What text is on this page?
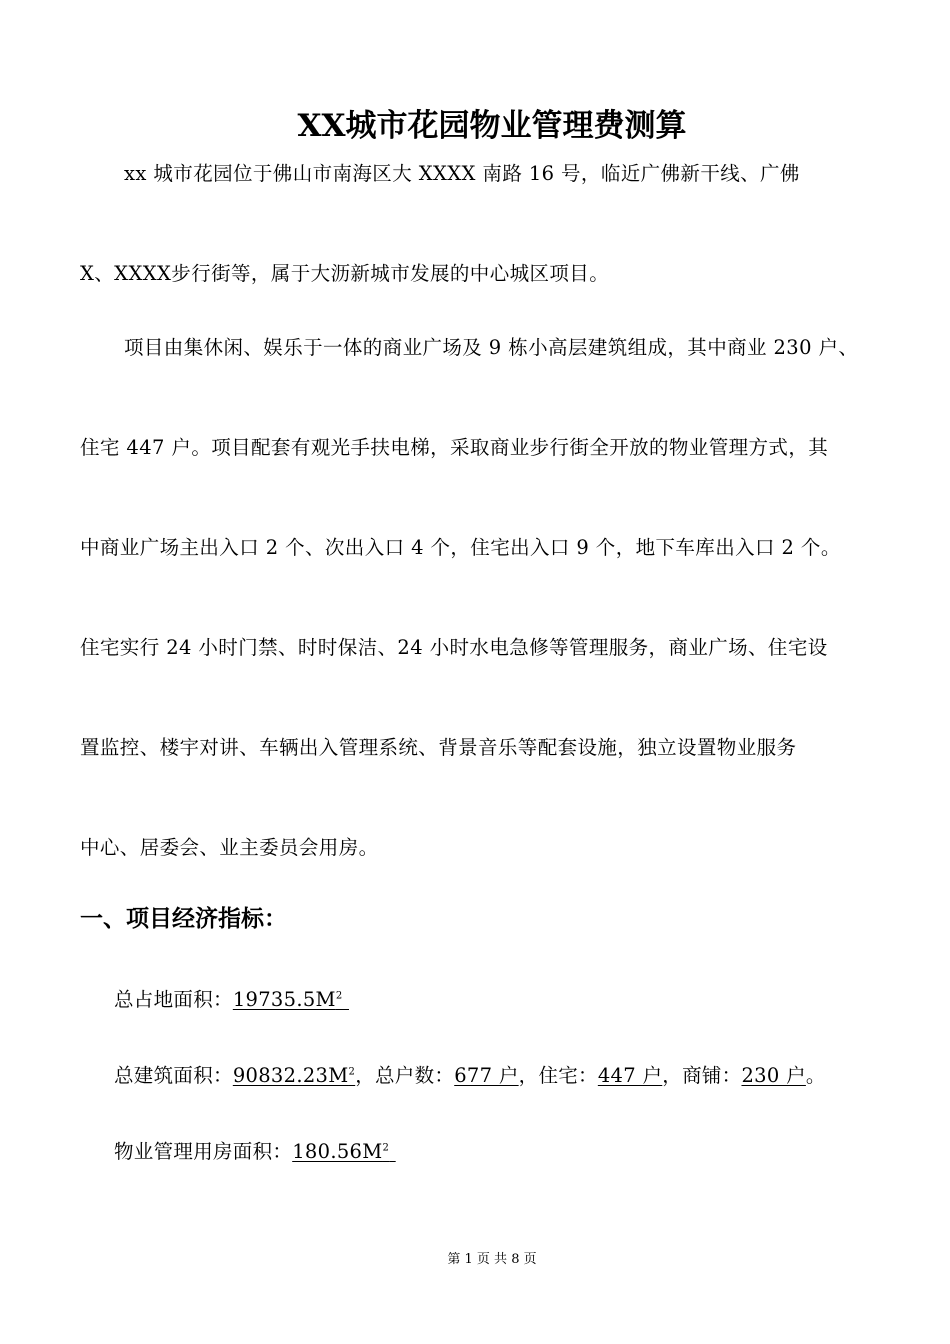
XX城市花园物业管理费测算
xx 城市花园位于佛山市南海区大 XXXX 南路 16 号，临近广佛新干线、广佛
X、XXXX步行街等，属于大沥新城市发展的中心城区项目。
项目由集休闲、娱乐于一体的商业广场及 9 栋小高层建筑组成，其中商业 230 户、
住宅 447 户。项目配套有观光手扶电梯，采取商业步行街全开放的物业管理方式，其
中商业广场主出入口 2 个、次出入口 4 个，住宅出入口 9 个，地下车库出入口 2 个。
住宅实行 24 小时门禁、时时保洁、24 小时水电急修等管理服务，商业广场、住宅设
置监控、楼宇对讲、车辆出入管理系统、背景音乐等配套设施，独立设置物业服务
中心、居委会、业主委员会用房。
一、项目经济指标：
总占地面积：$19735.5M^2$
总建筑面积：$90832.23M^2$，总户数：677 户，住宅：447 户，商铺：230 户。
物业管理用房面积：$180.56M^2$
第 1 页 共 8 页
